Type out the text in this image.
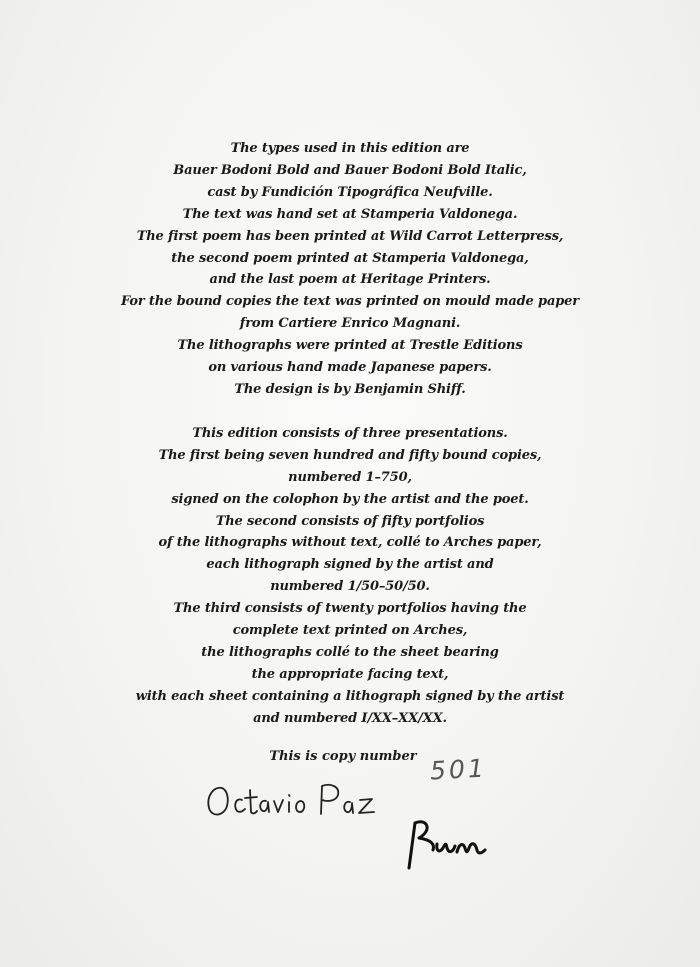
The types used in this edition are

Bauer Bodoni Bold and Bauer Bodoni Bold Italic,

cast by Fundición Tipográfica Neufville.

The text was hand set at Stamperia Valdonega.

The first poem has been printed at Wild Carrot Letterpress,

the second poem printed at Stamperia Valdonega,

and the last poem at Heritage Printers.

For the bound copies the text was printed on mould made paper

from Cartiere Enrico Magnani.

The lithographs were printed at Trestle Editions

on various hand made Japanese papers.

The design is by Benjamin Shiff.

This edition consists of three presentations.

The first being seven hundred and fifty bound copies,

numbered 1–750,

signed on the colophon by the artist and the poet.

The second consists of fifty portfolios

of the lithographs without text, collé to Arches paper,

each lithograph signed by the artist and

numbered 1/50–50/50.

The third consists of twenty portfolios having the

complete text printed on Arches,

the lithographs collé to the sheet bearing

the appropriate facing text,

with each sheet containing a lithograph signed by the artist

and numbered I/XX–XX/XX.

This is copy number 501
